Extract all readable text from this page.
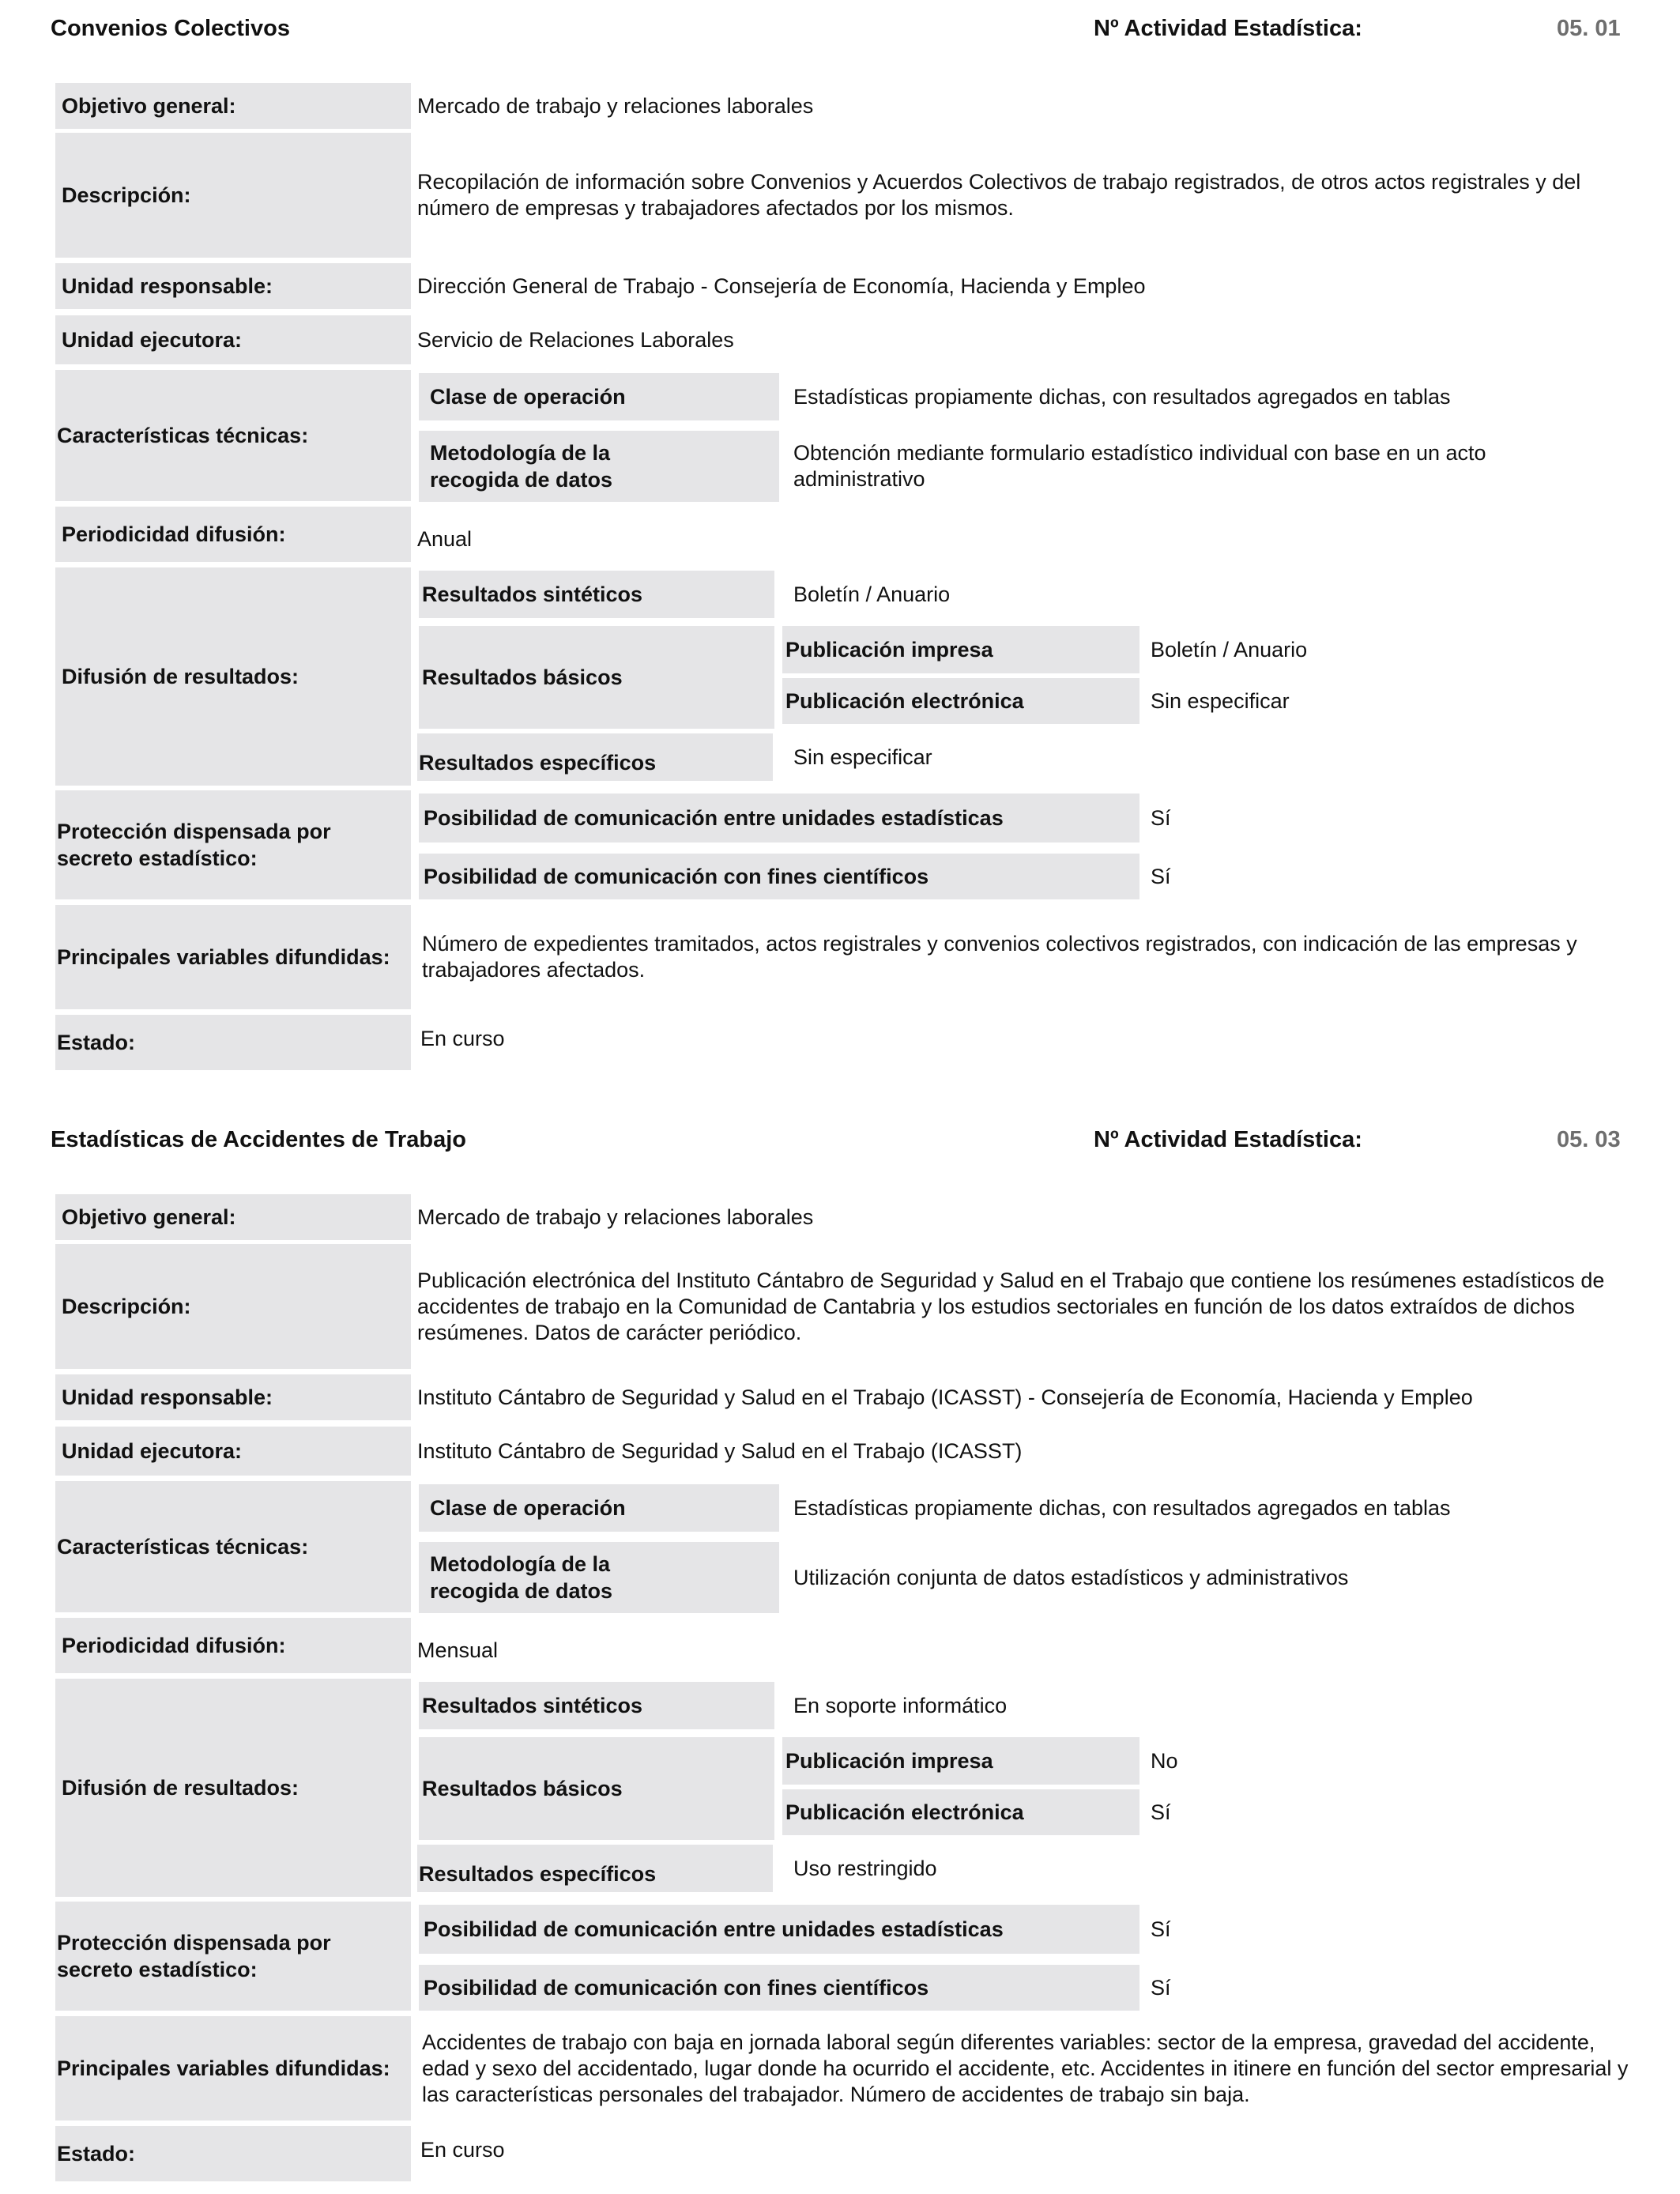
Convenios Colectivos	Nº Actividad Estadística:	05. 01
Objetivo general:	Mercado de trabajo y relaciones laborales
Descripción:
Recopilación de información sobre Convenios y Acuerdos Colectivos de trabajo registrados, de otros actos registrales y del número de empresas y trabajadores afectados por los mismos.
Unidad responsable:	Dirección General de Trabajo - Consejería de Economía, Hacienda y Empleo
Unidad ejecutora:	Servicio de Relaciones Laborales
Características técnicas:
Clase de operación	Estadísticas propiamente dichas, con resultados agregados en tablas
Metodología de la recogida de datos
Obtención mediante formulario estadístico individual con base en un acto administrativo
Periodicidad difusión:	Anual
Difusión de resultados:
Resultados sintéticos	Boletín / Anuario
Resultados básicos
Publicación impresa	Boletín / Anuario
Publicación electrónica	Sin especificar
Resultados específicos	Sin especificar
Protección dispensada por secreto estadístico:
Posibilidad de comunicación entre unidades estadísticas	Sí
Posibilidad de comunicación con fines científicos	Sí
Principales variables difundidas:
Número de expedientes tramitados, actos registrales y convenios colectivos registrados, con indicación de las empresas y trabajadores afectados.
Estado:	En curso
Estadísticas de Accidentes de Trabajo	Nº Actividad Estadística:	05. 03
Objetivo general:	Mercado de trabajo y relaciones laborales
Descripción:
Publicación electrónica del Instituto Cántabro de Seguridad y Salud en el Trabajo que contiene los resúmenes estadísticos de accidentes de trabajo en la Comunidad de Cantabria y los estudios sectoriales en función de los datos extraídos de dichos resúmenes. Datos de carácter periódico.
Unidad responsable:	Instituto Cántabro de Seguridad y Salud en el Trabajo (ICASST) - Consejería de Economía, Hacienda y Empleo
Unidad ejecutora:	Instituto Cántabro de Seguridad y Salud en el Trabajo (ICASST)
Características técnicas:
Clase de operación	Estadísticas propiamente dichas, con resultados agregados en tablas
Metodología de la recogida de datos
Utilización conjunta de datos estadísticos y administrativos
Periodicidad difusión:	Mensual
Difusión de resultados:
Resultados sintéticos	En soporte informático
Resultados básicos
Publicación impresa	No
Publicación electrónica	Sí
Resultados específicos	Uso restringido
Protección dispensada por secreto estadístico:
Posibilidad de comunicación entre unidades estadísticas	Sí
Posibilidad de comunicación con fines científicos	Sí
Principales variables difundidas:
Accidentes de trabajo con baja en jornada laboral según diferentes variables: sector de la empresa, gravedad del accidente, edad y sexo del accidentado, lugar donde ha ocurrido el accidente, etc. Accidentes in itinere en función del sector empresarial y las características personales del trabajador. Número de accidentes de trabajo sin baja.
Estado:	En curso
